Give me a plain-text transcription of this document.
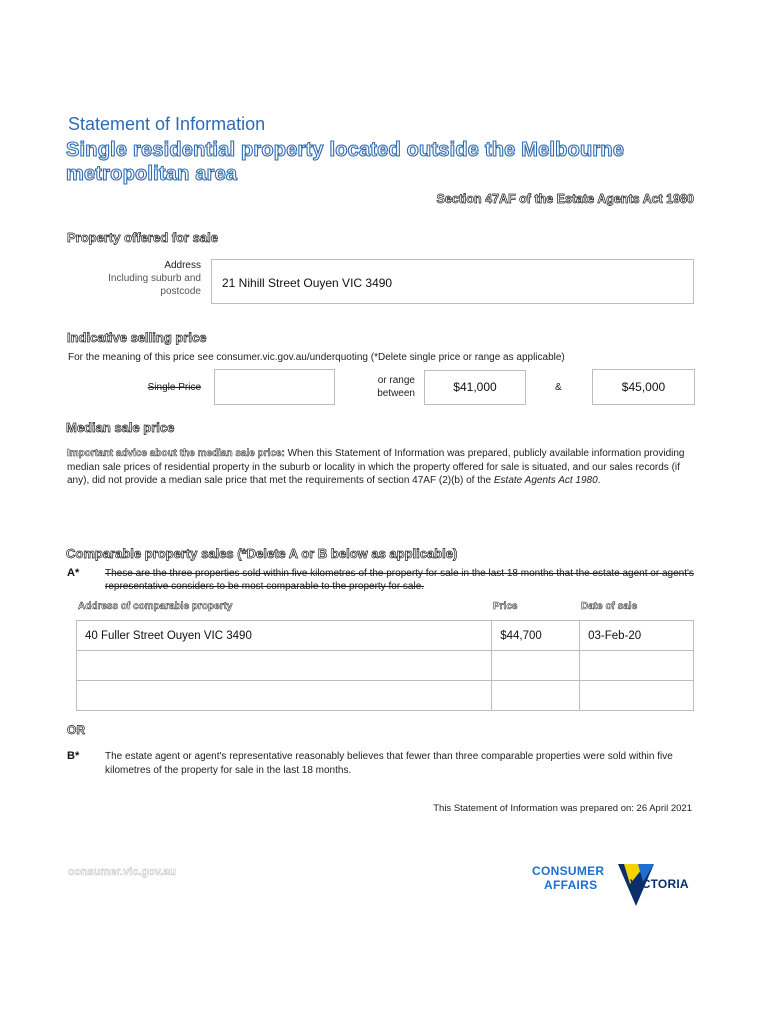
Statement of Information
Single residential property located outside the Melbourne metropolitan area
Section 47AF of the Estate Agents Act 1980
Property offered for sale
Address
Including suburb and
postcode
21 Nihill Street Ouyen VIC 3490
Indicative selling price
For the meaning of this price see consumer.vic.gov.au/underquoting (*Delete single price or range as applicable)
Single Price
or range
between	$41,000	&	$45,000
Median sale price
Important advice about the median sale price: When this Statement of Information was prepared, publicly available information providing median sale prices of residential property in the suburb or locality in which the property offered for sale is situated, and our sales records (if any), did not provide a median sale price that met the requirements of section 47AF (2)(b) of the Estate Agents Act 1980.
Comparable property sales (*Delete A or B below as applicable)
A*	These are the three properties sold within five kilometres of the property for sale in the last 18 months that the estate agent or agent's representative considers to be most comparable to the property for sale.
Address of comparable property	Price	Date of sale
40 Fuller Street Ouyen VIC 3490	$44,700	03-Feb-20

OR
B*	The estate agent or agent's representative reasonably believes that fewer than three comparable properties were sold within five kilometres of the property for sale in the last 18 months.
This Statement of Information was prepared on: 26 April 2021
consumer.vic.gov.au	CONSUMER
AFFAIRS	VICTORIA
